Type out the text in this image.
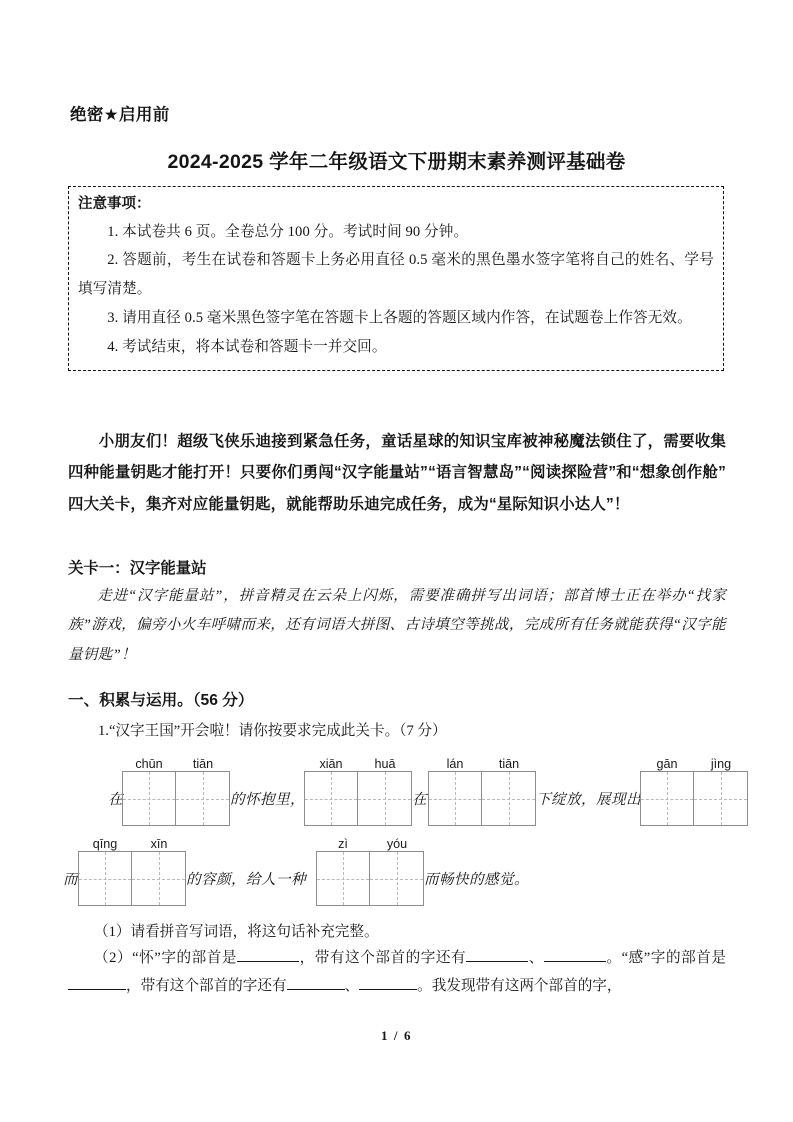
绝密★启用前
2024-2025 学年二年级语文下册期末素养测评基础卷
注意事项：
1. 本试卷共 6 页。全卷总分 100 分。考试时间 90 分钟。
2. 答题前，考生在试卷和答题卡上务必用直径 0.5 毫米的黑色墨水签字笔将自己的姓名、学号填写清楚。
3. 请用直径 0.5 毫米黑色签字笔在答题卡上各题的答题区域内作答，在试题卷上作答无效。
4. 考试结束，将本试卷和答题卡一并交回。
小朋友们！超级飞侠乐迪接到紧急任务，童话星球的知识宝库被神秘魔法锁住了，需要收集四种能量钥匙才能打开！只要你们勇闯“汉字能量站”“语言智慧岛”“阅读探险营”和“想象创作舱”四大关卡，集齐对应能量钥匙，就能帮助乐迪完成任务，成为“星际知识小达人”！
关卡一：汉字能量站
走进“汉字能量站”，拼音精灵在云朵上闪烁，需要准确拼写出词语；部首博士正在举办“找家族”游戏，偏旁小火车呼啸而来，还有词语大拼图、古诗填空等挑战，完成所有任务就能获得“汉字能量钥匙”！
一、积累与运用。（56 分）
1.“汉字王国”开会啦！请你按要求完成此关卡。（7 分）
在
chūn	tiān
的怀抱里，
xiān	huā
在
lán	tiān
下绽放，展现出
gān	jìng
而
qīng	xīn
的容颜，给人一种
zì	yóu
而畅快的感觉。
（1）请看拼音写词语，将这句话补充完整。
（2）“怀”字的部首是	，带有这个部首的字还有	、	。“感”字的部首是，带有这个部首的字还有	、	。我发现带有这两个部首的字，
1 / 6
